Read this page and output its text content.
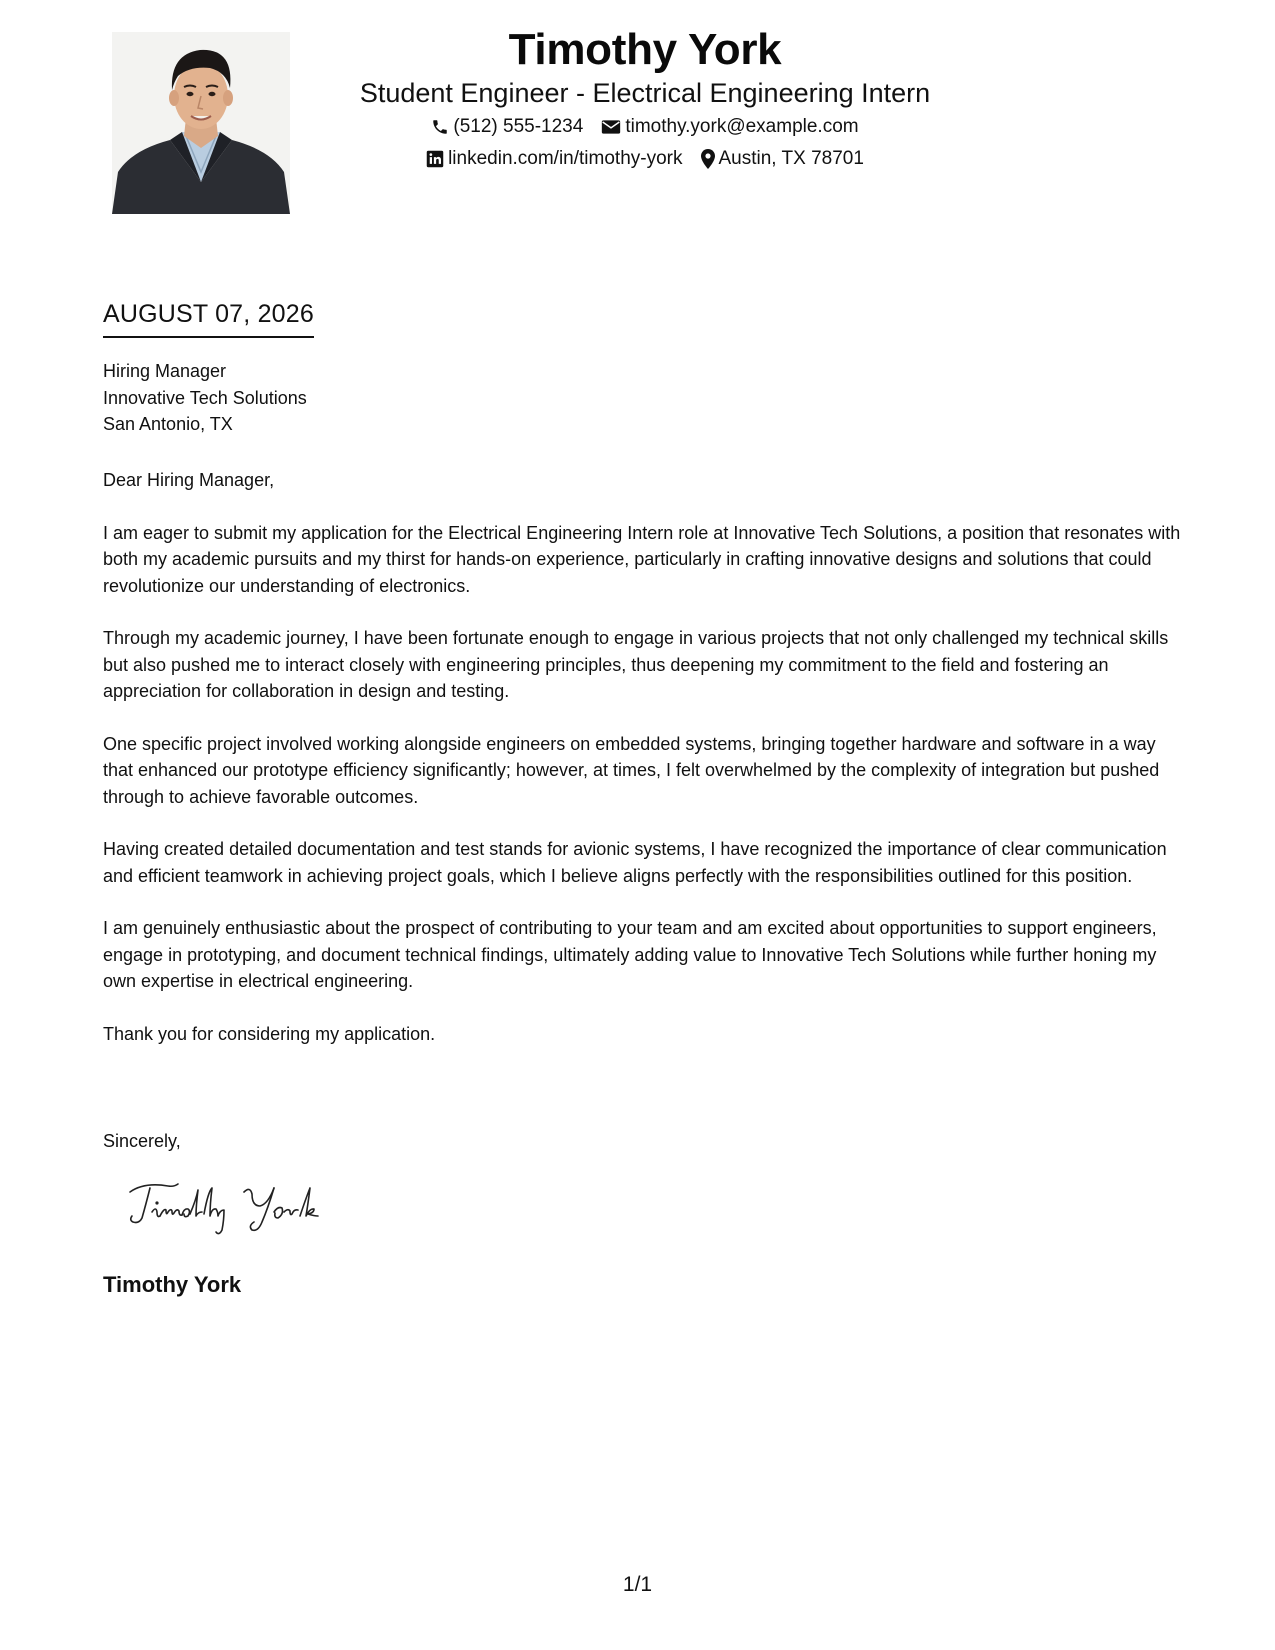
Timothy York
Student Engineer - Electrical Engineering Intern
(512) 555-1234 timothy.york@example.com
linkedin.com/in/timothy-york Austin, TX 78701
AUGUST 07, 2026
Hiring Manager
Innovative Tech Solutions
San Antonio, TX

Dear Hiring Manager,

I am eager to submit my application for the Electrical Engineering Intern role at Innovative Tech Solutions, a position that resonates with both my academic pursuits and my thirst for hands-on experience, particularly in crafting innovative designs and solutions that could revolutionize our understanding of electronics.

Through my academic journey, I have been fortunate enough to engage in various projects that not only challenged my technical skills but also pushed me to interact closely with engineering principles, thus deepening my commitment to the field and fostering an appreciation for collaboration in design and testing.

One specific project involved working alongside engineers on embedded systems, bringing together hardware and software in a way that enhanced our prototype efficiency significantly; however, at times, I felt overwhelmed by the complexity of integration but pushed through to achieve favorable outcomes.

Having created detailed documentation and test stands for avionic systems, I have recognized the importance of clear communication and efficient teamwork in achieving project goals, which I believe aligns perfectly with the responsibilities outlined for this position.

I am genuinely enthusiastic about the prospect of contributing to your team and am excited about opportunities to support engineers, engage in prototyping, and document technical findings, ultimately adding value to Innovative Tech Solutions while further honing my own expertise in electrical engineering.

Thank you for considering my application.

Sincerely,
Timothy York
1/1
